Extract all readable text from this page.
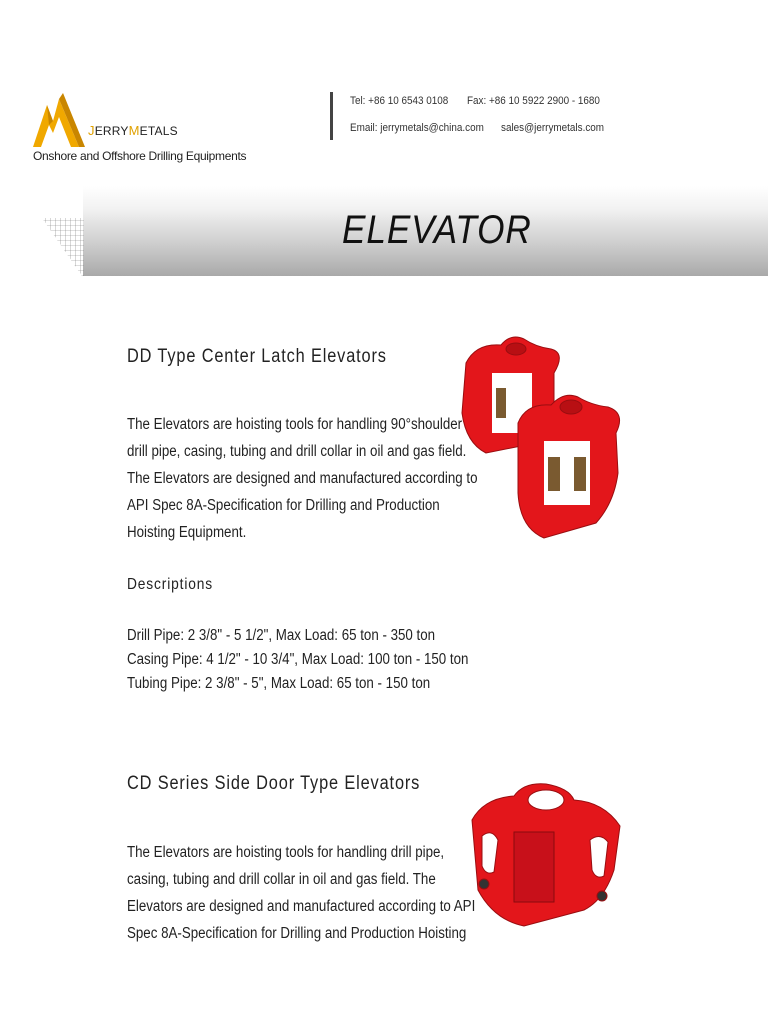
JERRYMETALS
Onshore and Offshore Drilling Equipments
Tel: +86 10 6543 0108 Fax: +86 10 5922 2900 - 1680
Email: jerrymetals@china.com sales@jerrymetals.com
ELEVATOR
DD Type Center Latch Elevators
The Elevators are hoisting tools for handling 90°shoulder
drill pipe, casing, tubing and drill collar in oil and gas field.
The Elevators are designed and manufactured according to
API Spec 8A-Specification for Drilling and Production
Hoisting Equipment.
Descriptions
Drill Pipe: 2 3/8" - 5 1/2", Max Load: 65 ton - 350 ton
Casing Pipe: 4 1/2" - 10 3/4", Max Load: 100 ton - 150 ton
Tubing Pipe: 2 3/8" - 5", Max Load: 65 ton - 150 ton
CD Series Side Door Type Elevators
The Elevators are hoisting tools for handling drill pipe,
casing, tubing and drill collar in oil and gas field. The
Elevators are designed and manufactured according to API
Spec 8A-Specification for Drilling and Production Hoisting
